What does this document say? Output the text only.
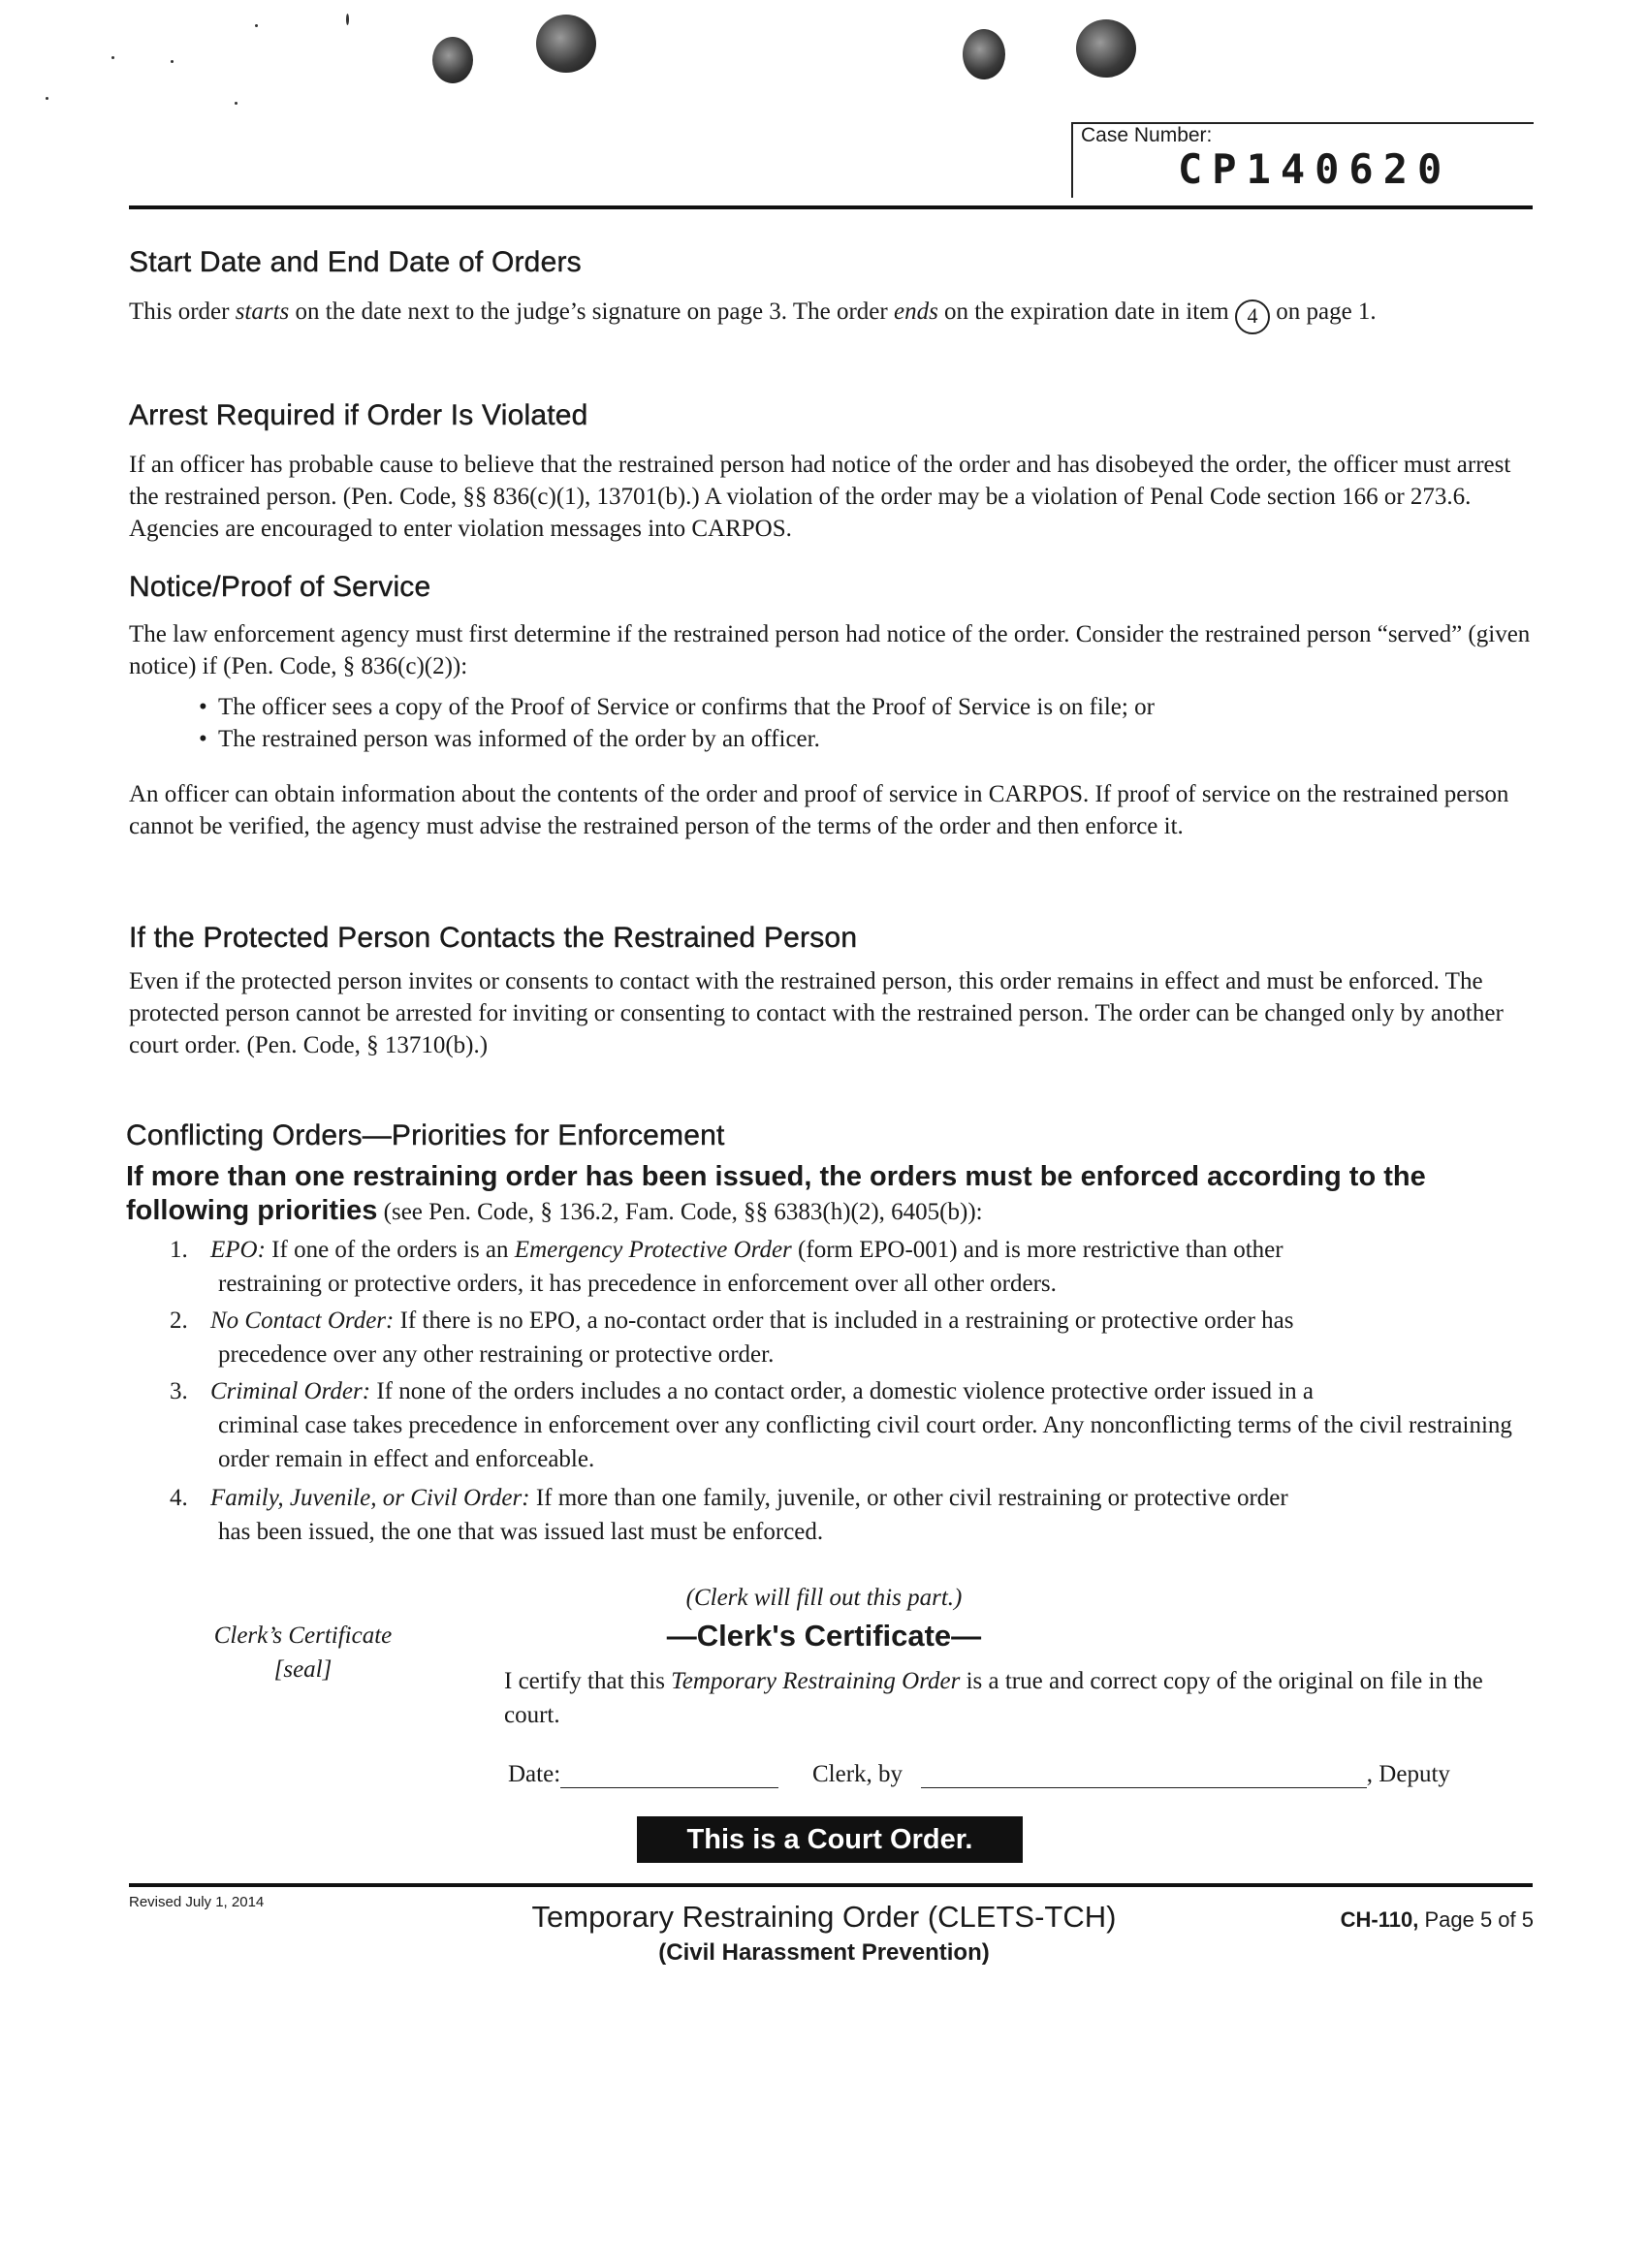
Case Number:
CP140620
Start Date and End Date of Orders

This order starts on the date next to the judge’s signature on page 3. The order ends on the expiration date in item 4 on page 1.

Arrest Required if Order Is Violated

If an officer has probable cause to believe that the restrained person had notice of the order and has disobeyed the order, the officer must arrest the restrained person. (Pen. Code, §§ 836(c)(1), 13701(b).) A violation of the order may be a violation of Penal Code section 166 or 273.6. Agencies are encouraged to enter violation messages into CARPOS.

Notice/Proof of Service

The law enforcement agency must first determine if the restrained person had notice of the order. Consider the restrained person “served” (given notice) if (Pen. Code, § 836(c)(2)):

• The officer sees a copy of the Proof of Service or confirms that the Proof of Service is on file; or

• The restrained person was informed of the order by an officer.

An officer can obtain information about the contents of the order and proof of service in CARPOS. If proof of service on the restrained person cannot be verified, the agency must advise the restrained person of the terms of the order and then enforce it.

If the Protected Person Contacts the Restrained Person

Even if the protected person invites or consents to contact with the restrained person, this order remains in effect and must be enforced. The protected person cannot be arrested for inviting or consenting to contact with the restrained person. The order can be changed only by another court order. (Pen. Code, § 13710(b).)

Conflicting Orders—Priorities for Enforcement

If more than one restraining order has been issued, the orders must be enforced according to the following priorities (see Pen. Code, § 136.2, Fam. Code, §§ 6383(h)(2), 6405(b)):

1. EPO: If one of the orders is an Emergency Protective Order (form EPO-001) and is more restrictive than other
restraining or protective orders, it has precedence in enforcement over all other orders.

2. No Contact Order: If there is no EPO, a no-contact order that is included in a restraining or protective order has
precedence over any other restraining or protective order.

3. Criminal Order: If none of the orders includes a no contact order, a domestic violence protective order issued in a
criminal case takes precedence in enforcement over any conflicting civil court order. Any nonconflicting terms of the civil restraining order remain in effect and enforceable.

4. Family, Juvenile, or Civil Order: If more than one family, juvenile, or other civil restraining or protective order
has been issued, the one that was issued last must be enforced.

Clerk’s Certificate
[seal]
(Clerk will fill out this part.)
—Clerk's Certificate—
I certify that this Temporary Restraining Order is a true and correct copy of the original on file in the court.
Date:	Clerk, by	, Deputy
This is a Court Order.
Revised July 1, 2014	Temporary Restraining Order (CLETS-TCH)
(Civil Harassment Prevention)
CH-110, Page 5 of 5
